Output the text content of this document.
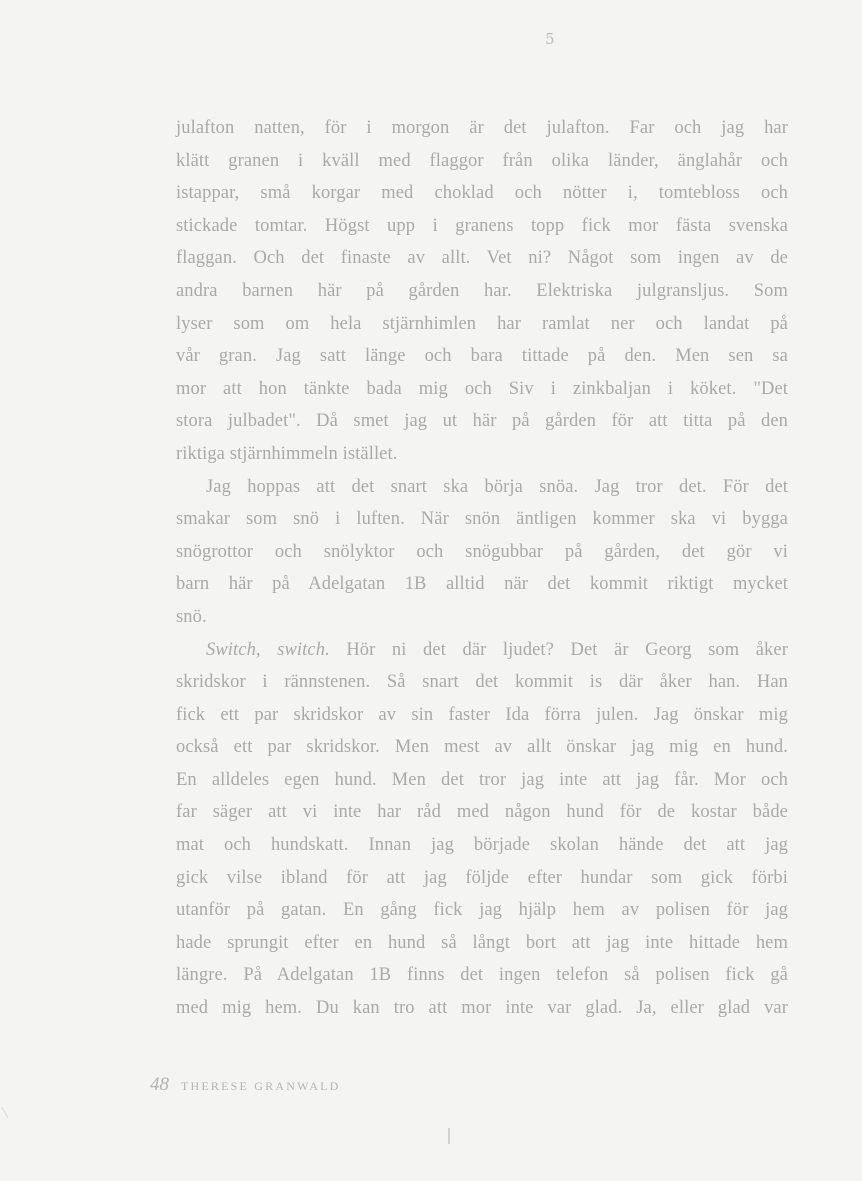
5
julafton natten, för i morgon är det julafton. Far och jag har
klätt granen i kväll med flaggor från olika länder, änglahår och
istappar, små korgar med choklad och nötter i, tomtebloss och
stickade tomtar. Högst upp i granens topp fick mor fästa svenska
flaggan. Och det finaste av allt. Vet ni? Något som ingen av de
andra barnen här på gården har. Elektriska julgransljus. Som
lyser som om hela stjärnhimlen har ramlat ner och landat på
vår gran. Jag satt länge och bara tittade på den. Men sen sa
mor att hon tänkte bada mig och Siv i zinkbaljan i köket. "Det
stora julbadet". Då smet jag ut här på gården för att titta på den
riktiga stjärnhimmeln istället.
Jag hoppas att det snart ska börja snöa. Jag tror det. För det
smakar som snö i luften. När snön äntligen kommer ska vi bygga
snögrottor och snölyktor och snögubbar på gården, det gör vi
barn här på Adelgatan 1B alltid när det kommit riktigt mycket
snö.
Switch, switch. Hör ni det där ljudet? Det är Georg som åker
skridskor i rännstenen. Så snart det kommit is där åker han. Han
fick ett par skridskor av sin faster Ida förra julen. Jag önskar mig
också ett par skridskor. Men mest av allt önskar jag mig en hund.
En alldeles egen hund. Men det tror jag inte att jag får. Mor och
far säger att vi inte har råd med någon hund för de kostar både
mat och hundskatt. Innan jag började skolan hände det att jag
gick vilse ibland för att jag följde efter hundar som gick förbi
utanför på gatan. En gång fick jag hjälp hem av polisen för jag
hade sprungit efter en hund så långt bort att jag inte hittade hem
längre. På Adelgatan 1B finns det ingen telefon så polisen fick gå
med mig hem. Du kan tro att mor inte var glad. Ja, eller glad var
48 THERESE GRANWALD
